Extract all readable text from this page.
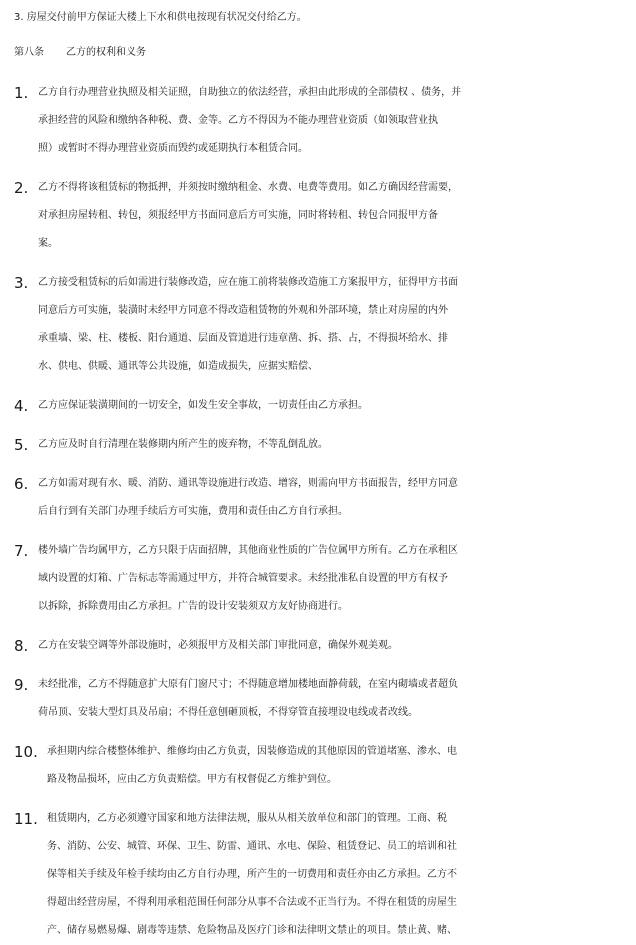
3. 房屋交付前甲方保证大楼上下水和供电按现有状况交付给乙方。
第八条 乙方的权利和义务
1. 乙方自行办理营业执照及相关证照，自助独立的依法经营，承担由此形成的全部债权 、债务，并
承担经营的风险和缴纳各种税、费、金等。乙方不得因为不能办理营业资质（如领取营业执
照）或暂时不得办理营业资质而毁约或延期执行本租赁合同。
2. 乙方不得将该租赁标的物抵押，并须按时缴纳租金、水费、电费等费用。如乙方确因经营需要，
对承担房屋转租、转包，须报经甲方书面同意后方可实施，同时将转租、转包合同报甲方备
案。
3. 乙方接受租赁标的后如需进行装修改造，应在施工前将装修改造施工方案报甲方，征得甲方书面
同意后方可实施，装潢时未经甲方同意不得改造租赁物的外观和外部环境，禁止对房屋的内外
承重墙、梁、柱、楼板、阳台通道、层面及管道进行违章凿、拆、搭、占，不得损坏给水、排
水、供电、供暖、通讯等公共设施，如造成损失，应据实赔偿、
4. 乙方应保证装潢期间的一切安全，如发生安全事故，一切责任由乙方承担。
5. 乙方应及时自行清理在装修期内所产生的废弃物，不等乱倒乱放。
6. 乙方如需对现有水、暖、消防、通讯等设施进行改造、增容，则需向甲方书面报告，经甲方同意
后自行到有关部门办理手续后方可实施，费用和责任由乙方自行承担。
7. 楼外墙广告均属甲方，乙方只限于店面招牌，其他商业性质的广告位属甲方所有。乙方在承租区
域内设置的灯箱、广告标志等需通过甲方，并符合城管要求。未经批准私自设置的甲方有权予
以拆除，拆除费用由乙方承担。广告的设计安装须双方友好协商进行。
8. 乙方在安装空调等外部设施时，必须报甲方及相关部门审批同意，确保外观美观。
9. 未经批准，乙方不得随意扩大原有门窗尺寸；不得随意增加楼地面静荷载，在室内砌墙或者超负
荷吊顶、安装大型灯具及吊扇；不得任意刨砸顶板，不得穿管直接埋设电线或者改线。
10. 承担期内综合楼整体维护、维修均由乙方负责，因装修造成的其他原因的管道堵塞、渗水、电
路及物品损坏，应由乙方负责赔偿。甲方有权督促乙方维护到位。
11. 租赁期内，乙方必须遵守国家和地方法律法规，服从从相关放单位和部门的管理。工商、税
务、消防、公安、城管、环保、卫生、防雷、通讯、水电、保险、租赁登记、员工的培训和社
保等相关手续及年检手续均由乙方自行办理，所产生的一切费用和责任亦由乙方承担。乙方不
得超出经营房屋，不得利用承租范围任何部分从事不合法或不正当行为。不得在租赁的房屋生
产、储存易燃易爆、剧毒等违禁、危险物品及医疗门诊和法律明文禁止的项目。禁止黄、赌、
